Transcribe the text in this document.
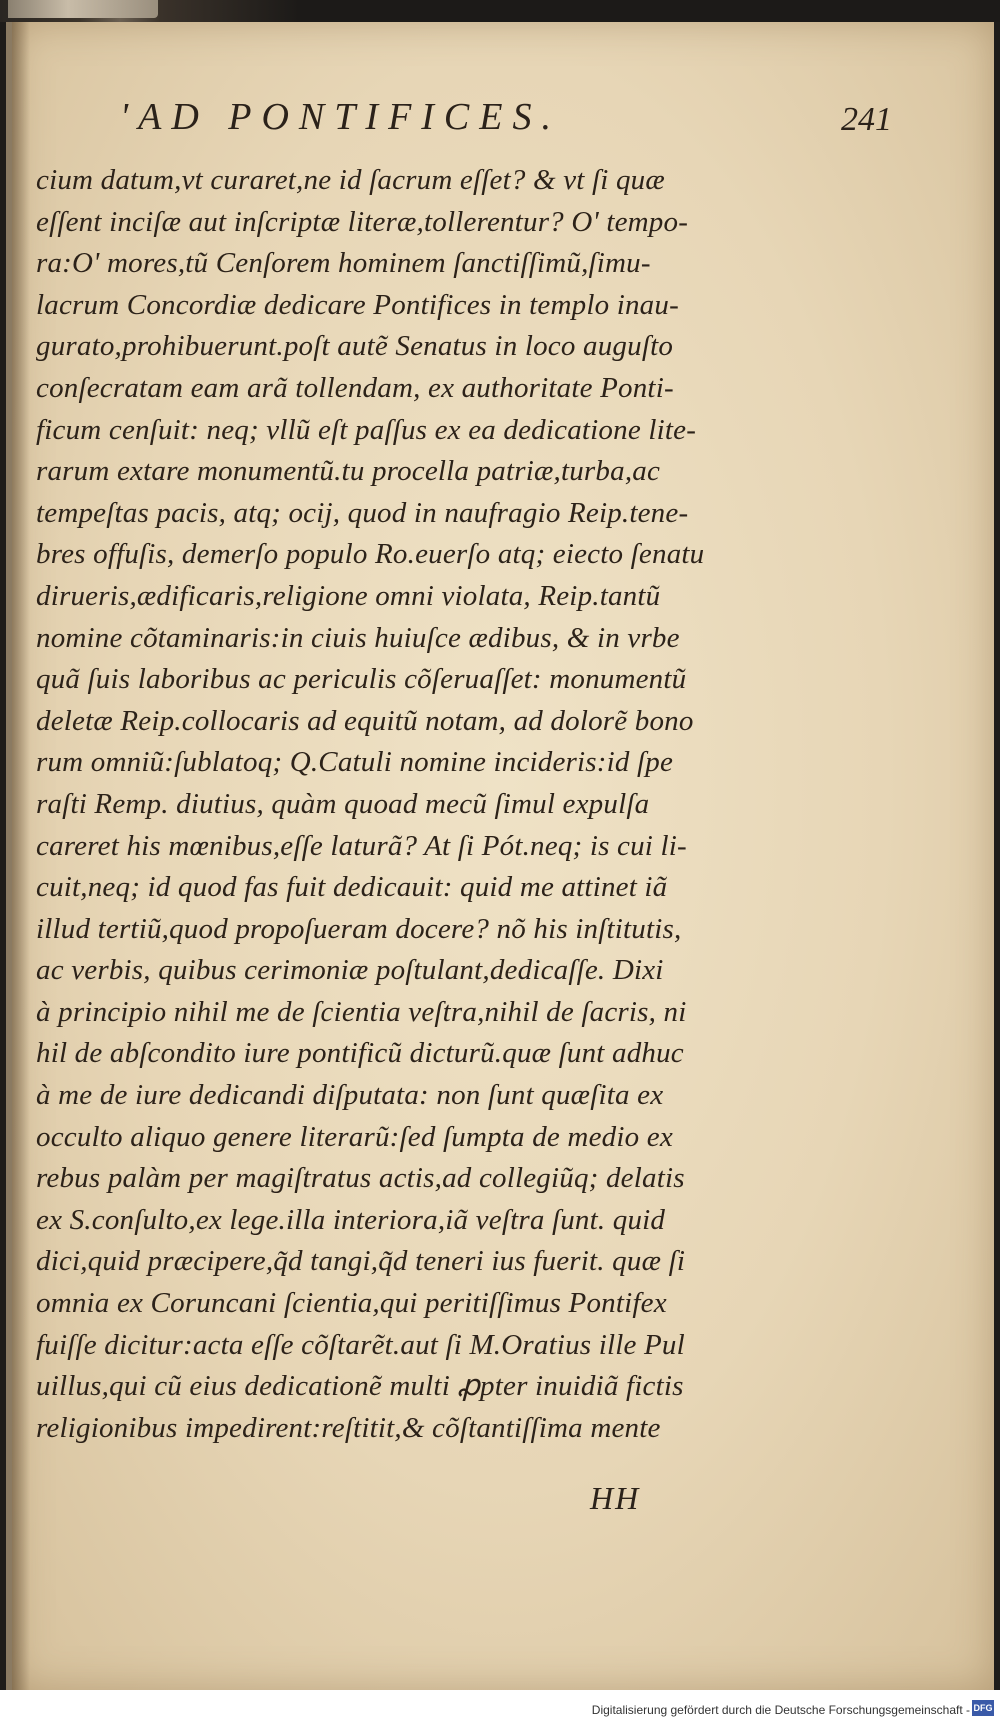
'AD PONTIFICES.	241
cium datum,vt curaret,ne id ſacrum eſſet? & vt ſi quæ
eſſent inciſæ aut inſcriptæ literæ,tollerentur? O' tempo-
ra:O' mores,tũ Cenſorem hominem ſanctiſſimũ,ſimu-
lacrum Concordiæ dedicare Pontifices in templo inau-
gurato,prohibuerunt.poſt autẽ Senatus in loco auguſto
conſecratam eam arã tollendam, ex authoritate Ponti-
ficum cenſuit: neq; vllũ eſt paſſus ex ea dedicatione lite-
rarum extare monumentũ.tu procella patriæ,turba,ac
tempeſtas pacis, atq; ocij, quod in naufragio Reip.tene-
bres offuſis, demerſo populo Ro.euerſo atq; eiecto ſenatu
dirueris,ædificaris,religione omni violata, Reip.tantũ
nomine cõtaminaris:in ciuis huiuſce ædibus, & in vrbe
quã ſuis laboribus ac periculis cõſeruaſſet: monumentũ
deletæ Reip.collocaris ad equitũ notam, ad dolorẽ bono
rum omniũ:ſublatoq; Q.Catuli nomine incideris:id ſpe
raſti Remp. diutius, quàm quoad mecũ ſimul expulſa
careret his mœnibus,eſſe laturã? At ſi Pót.neq; is cui li-
cuit,neq; id quod fas fuit dedicauit: quid me attinet iã
illud tertiũ,quod propoſueram docere? nõ his inſtitutis,
ac verbis, quibus cerimoniæ poſtulant,dedicaſſe. Dixi
à principio nihil me de ſcientia veſtra,nihil de ſacris, ni
hil de abſcondito iure pontificũ dicturũ.quæ ſunt adhuc
à me de iure dedicandi diſputata: non ſunt quæſita ex
occulto aliquo genere literarũ:ſed ſumpta de medio ex
rebus palàm per magiſtratus actis,ad collegiũq; delatis
ex S.conſulto,ex lege.illa interiora,iã veſtra ſunt. quid
dici,quid præcipere,q̃d tangi,q̃d teneri ius fuerit. quæ ſi
omnia ex Coruncani ſcientia,qui peritiſſimus Pontifex
fuiſſe dicitur:acta eſſe cõſtarẽt.aut ſi M.Oratius ille Pul
uillus,qui cũ eius dedicationẽ multi ꝓpter inuidiã fictis
religionibus impedirent:reſtitit,& cõſtantiſſima mente
HH
Digitalisierung gefördert durch die Deutsche Forschungsgemeinschaft - DFG
